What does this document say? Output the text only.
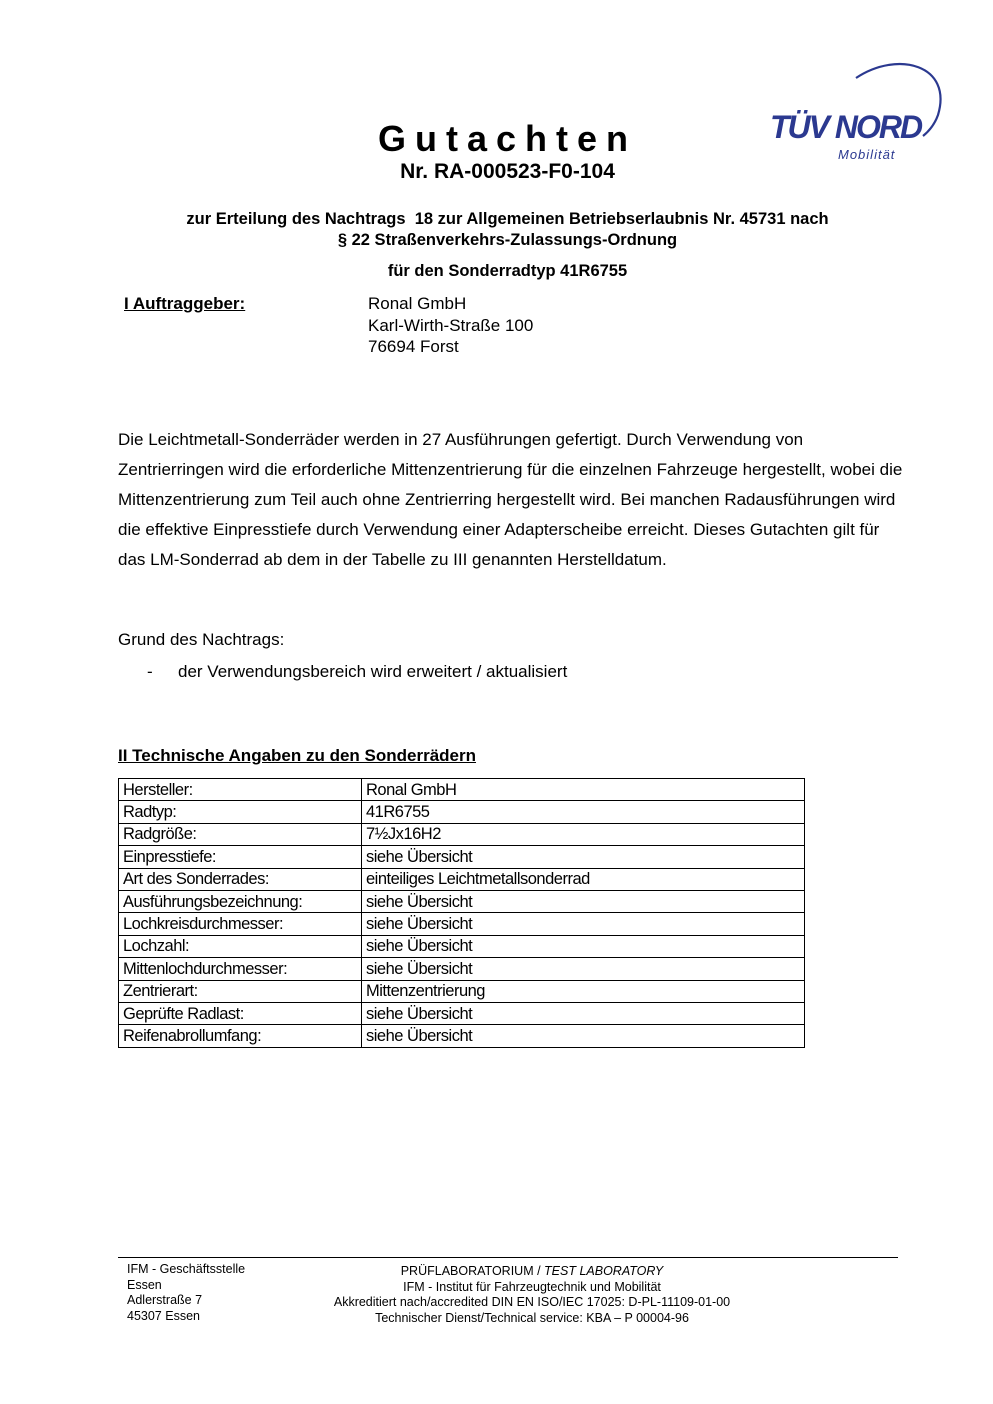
Gutachten
Nr. RA-000523-F0-104
zur Erteilung des Nachtrags  18 zur Allgemeinen Betriebserlaubnis Nr. 45731 nach
§ 22 Straßenverkehrs-Zulassungs-Ordnung
für den Sonderradtyp 41R6755
TÜV NORD
Mobilität
I Auftraggeber:	Ronal GmbH
Karl-Wirth-Straße 100
76694 Forst
Die Leichtmetall-Sonderräder werden in 27 Ausführungen gefertigt. Durch Verwendung von Zentrierringen wird die erforderliche Mittenzentrierung für die einzelnen Fahrzeuge hergestellt, wobei die Mittenzentrierung zum Teil auch ohne Zentrierring hergestellt wird. Bei manchen Radausführungen wird die effektive Einpresstiefe durch Verwendung einer Adapterscheibe erreicht. Dieses Gutachten gilt für das LM-Sonderrad ab dem in der Tabelle zu III genannten Herstelldatum.
Grund des Nachtrags:
- der Verwendungsbereich wird erweitert / aktualisiert
II Technische Angaben zu den Sonderrädern
Hersteller:	Ronal GmbH
Radtyp:	41R6755
Radgröße:	7½Jx16H2
Einpresstiefe:	siehe Übersicht
Art des Sonderrades:	einteiliges Leichtmetallsonderrad
Ausführungsbezeichnung:	siehe Übersicht
Lochkreisdurchmesser:	siehe Übersicht
Lochzahl:	siehe Übersicht
Mittenlochdurchmesser:	siehe Übersicht
Zentrierart:	Mittenzentrierung
Geprüfte Radlast:	siehe Übersicht
Reifenabrollumfang:	siehe Übersicht
IFM - Geschäftsstelle
Essen
Adlerstraße 7
45307 Essen
PRÜFLABORATORIUM / TEST LABORATORY
IFM - Institut für Fahrzeugtechnik und Mobilität
Akkreditiert nach/accredited DIN EN ISO/IEC 17025: D-PL-11109-01-00
Technischer Dienst/Technical service: KBA – P 00004-96
